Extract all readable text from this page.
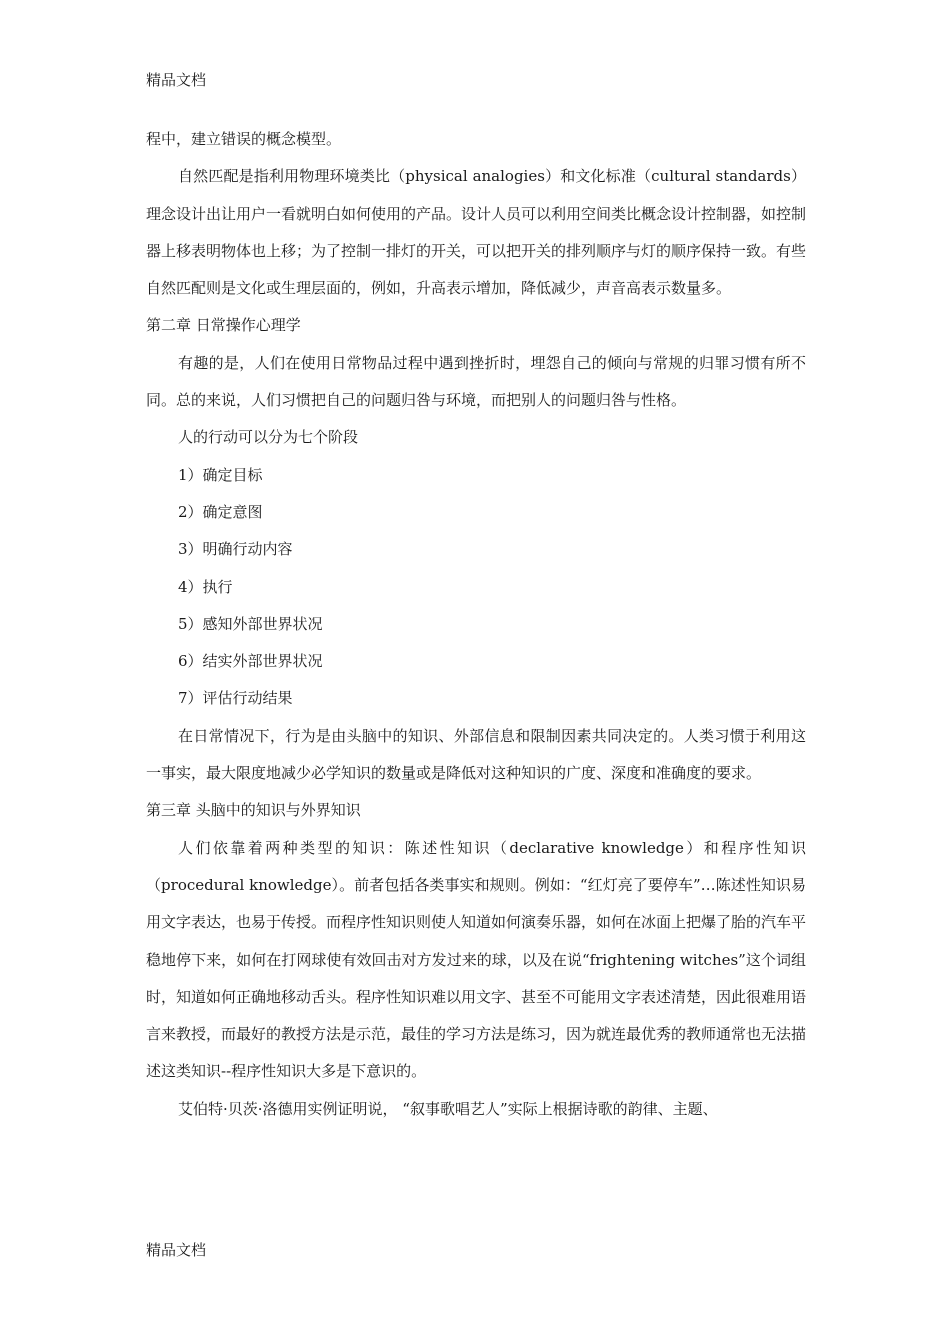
精品文档

程中，建立错误的概念模型。

自然匹配是指利用物理环境类比（physical analogies）和文化标准（cultural standards）理念设计出让用户一看就明白如何使用的产品。设计人员可以利用空间类比概念设计控制器，如控制器上移表明物体也上移；为了控制一排灯的开关，可以把开关的排列顺序与灯的顺序保持一致。有些自然匹配则是文化或生理层面的，例如，升高表示增加，降低减少，声音高表示数量多。

第二章 日常操作心理学

有趣的是，人们在使用日常物品过程中遇到挫折时，埋怨自己的倾向与常规的归罪习惯有所不同。总的来说，人们习惯把自己的问题归咎与环境，而把别人的问题归咎与性格。

人的行动可以分为七个阶段

1）确定目标

2）确定意图

3）明确行动内容

4）执行

5）感知外部世界状况

6）结实外部世界状况

7）评估行动结果

在日常情况下，行为是由头脑中的知识、外部信息和限制因素共同决定的。人类习惯于利用这一事实，最大限度地减少必学知识的数量或是降低对这种知识的广度、深度和准确度的要求。

第三章 头脑中的知识与外界知识

人们依靠着两种类型的知识：陈述性知识（declarative knowledge）和程序性知识（procedural knowledge）。前者包括各类事实和规则。例如：“红灯亮了要停车”…陈述性知识易用文字表达，也易于传授。而程序性知识则使人知道如何演奏乐器，如何在冰面上把爆了胎的汽车平稳地停下来，如何在打网球使有效回击对方发过来的球，以及在说“frightening witches”这个词组时，知道如何正确地移动舌头。程序性知识难以用文字、甚至不可能用文字表述清楚，因此很难用语言来教授，而最好的教授方法是示范，最佳的学习方法是练习，因为就连最优秀的教师通常也无法描述这类知识--程序性知识大多是下意识的。

艾伯特·贝茨·洛德用实例证明说， “叙事歌唱艺人”实际上根据诗歌的韵律、主题、

精品文档
